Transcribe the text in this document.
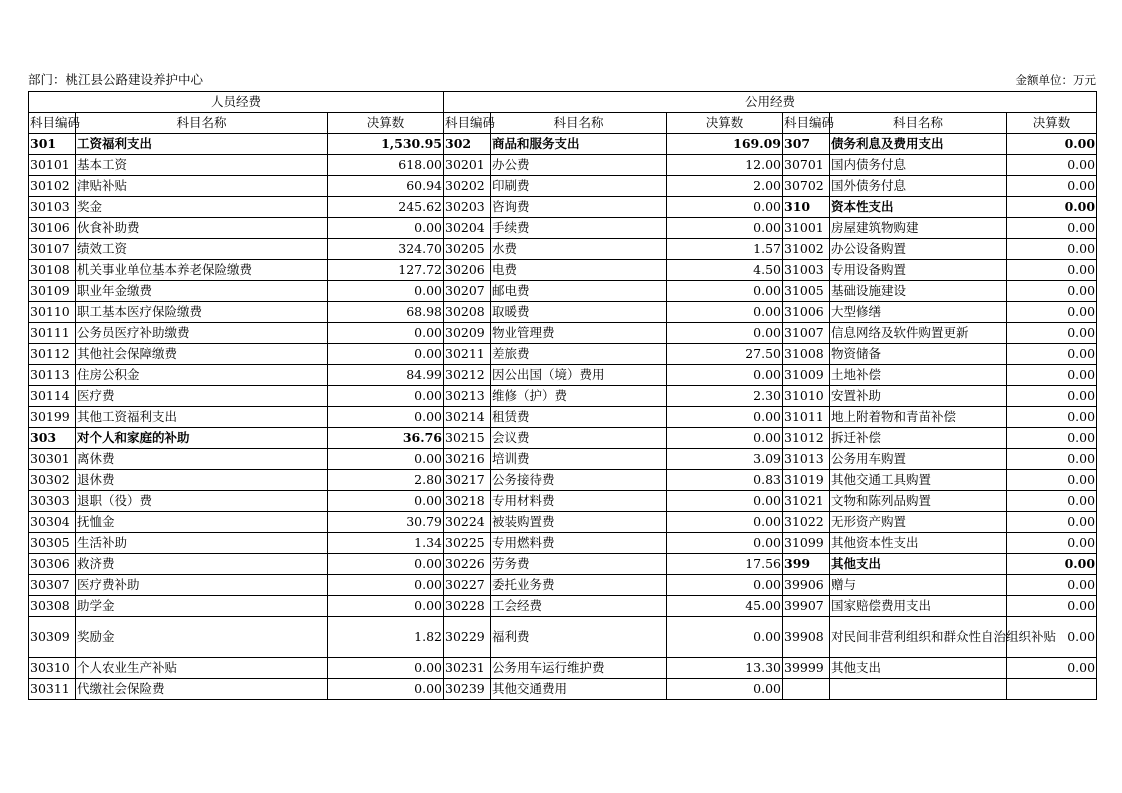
部门：桃江县公路建设养护中心	金额单位：万元
人员经费			公用经费					
科目编码	科目名称	决算数	科目编码	科目名称	决算数	科目编码	科目名称	决算数
301	工资福利支出	1,530.95	302	商品和服务支出	169.09	307	债务利息及费用支出	0.00
30101	基本工资	618.00	30201	办公费	12.00	30701	国内债务付息	0.00
30102	津贴补贴	60.94	30202	印刷费	2.00	30702	国外债务付息	0.00
30103	奖金	245.62	30203	咨询费	0.00	310	资本性支出	0.00
30106	伙食补助费	0.00	30204	手续费	0.00	31001	房屋建筑物购建	0.00
30107	绩效工资	324.70	30205	水费	1.57	31002	办公设备购置	0.00
30108	机关事业单位基本养老保险缴费	127.72	30206	电费	4.50	31003	专用设备购置	0.00
30109	职业年金缴费	0.00	30207	邮电费	0.00	31005	基础设施建设	0.00
30110	职工基本医疗保险缴费	68.98	30208	取暖费	0.00	31006	大型修缮	0.00
30111	公务员医疗补助缴费	0.00	30209	物业管理费	0.00	31007	信息网络及软件购置更新	0.00
30112	其他社会保障缴费	0.00	30211	差旅费	27.50	31008	物资储备	0.00
30113	住房公积金	84.99	30212	因公出国（境）费用	0.00	31009	土地补偿	0.00
30114	医疗费	0.00	30213	维修（护）费	2.30	31010	安置补助	0.00
30199	其他工资福利支出	0.00	30214	租赁费	0.00	31011	地上附着物和青苗补偿	0.00
303	对个人和家庭的补助	36.76	30215	会议费	0.00	31012	拆迁补偿	0.00
30301	离休费	0.00	30216	培训费	3.09	31013	公务用车购置	0.00
30302	退休费	2.80	30217	公务接待费	0.83	31019	其他交通工具购置	0.00
30303	退职（役）费	0.00	30218	专用材料费	0.00	31021	文物和陈列品购置	0.00
30304	抚恤金	30.79	30224	被装购置费	0.00	31022	无形资产购置	0.00
30305	生活补助	1.34	30225	专用燃料费	0.00	31099	其他资本性支出	0.00
30306	救济费	0.00	30226	劳务费	17.56	399	其他支出	0.00
30307	医疗费补助	0.00	30227	委托业务费	0.00	39906	赠与	0.00
30308	助学金	0.00	30228	工会经费	45.00	39907	国家赔偿费用支出	0.00
30309	奖励金	1.82	30229	福利费	0.00	39908	对民间非营利组织和群众性自治组织补贴	0.00
30310	个人农业生产补贴	0.00	30231	公务用车运行维护费	13.30	39999	其他支出	0.00
30311	代缴社会保险费	0.00	30239	其他交通费用	0.00			
